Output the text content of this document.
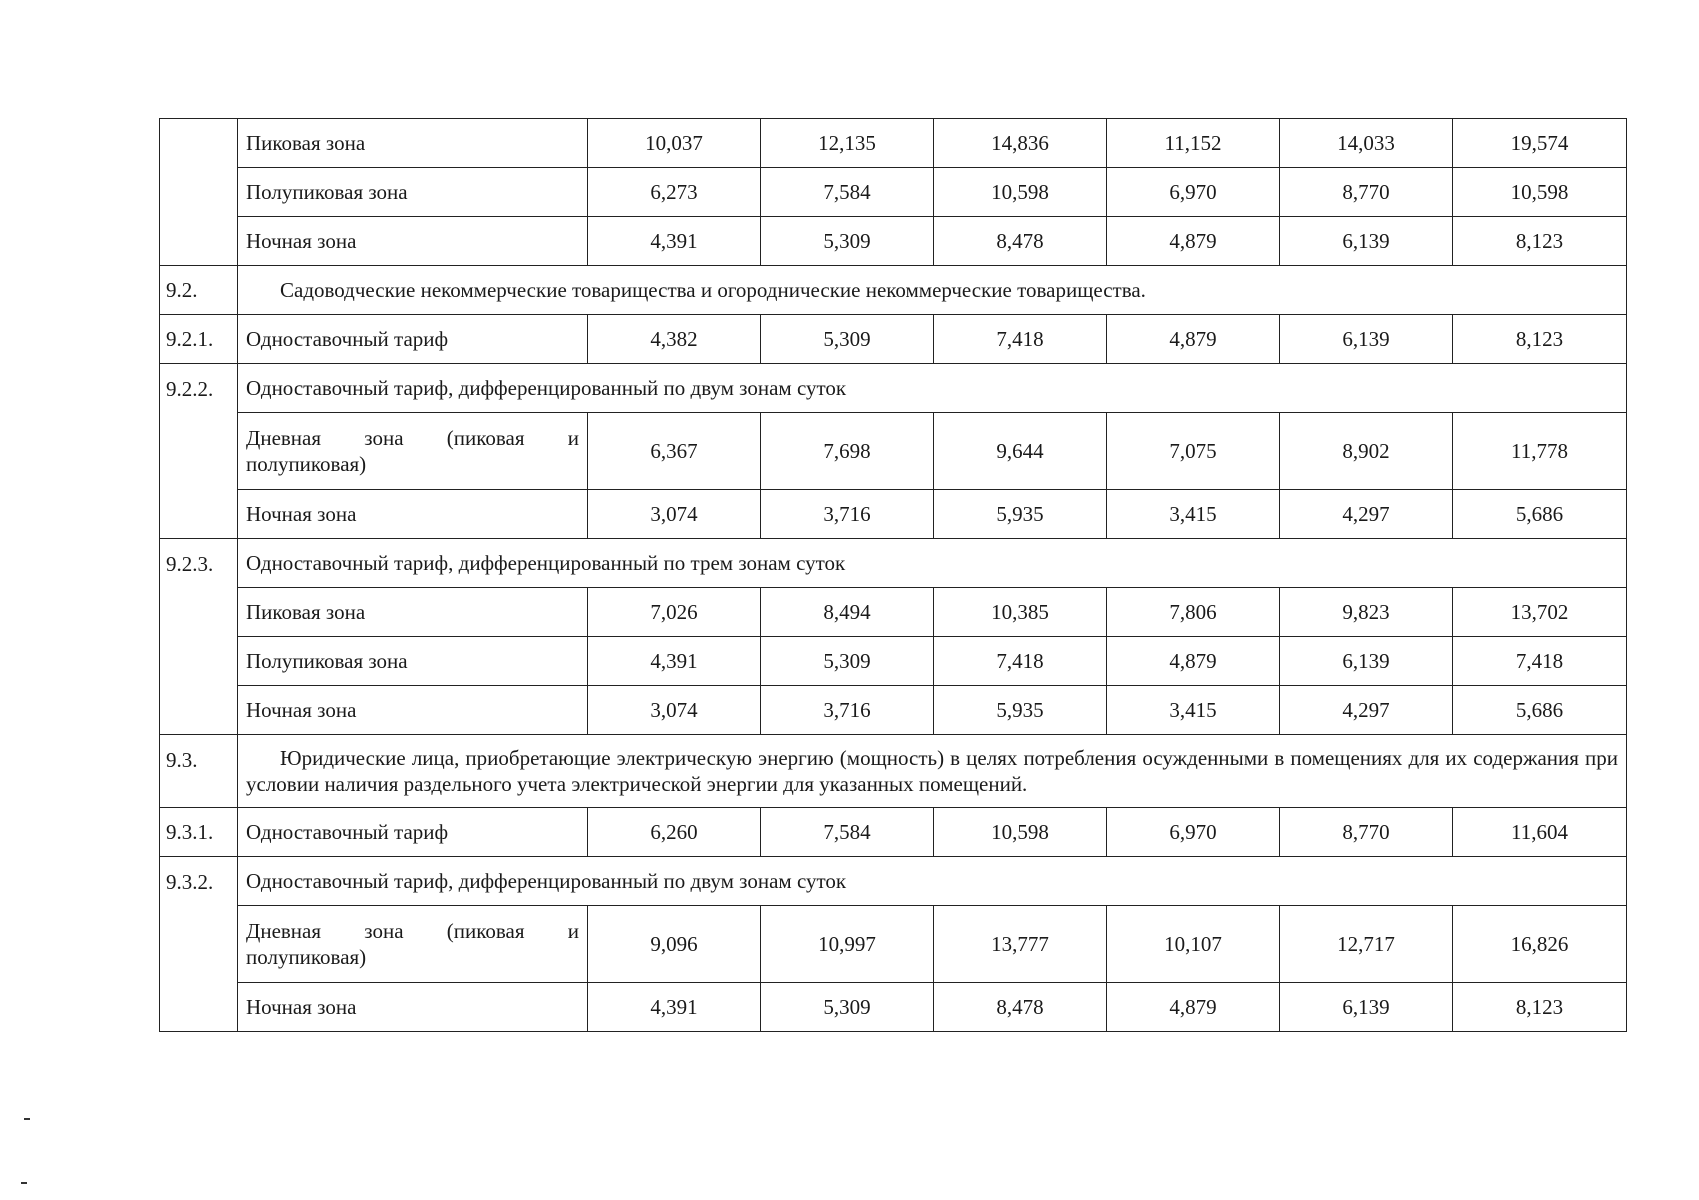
	Пиковая зона	10,037	12,135	14,836	11,152	14,033	19,574
	Полупиковая зона	6,273	7,584	10,598	6,970	8,770	10,598
	Ночная зона	4,391	5,309	8,478	4,879	6,139	8,123
9.2.	Садоводческие некоммерческие товарищества и огороднические некоммерческие товарищества.						
9.2.1.	Одноставочный тариф	4,382	5,309	7,418	4,879	6,139	8,123
9.2.2.	Одноставочный тариф, дифференцированный по двум зонам суток						
	Дневная зона (пиковая и полупиковая)	6,367	7,698	9,644	7,075	8,902	11,778
	Ночная зона	3,074	3,716	5,935	3,415	4,297	5,686
9.2.3.	Одноставочный тариф, дифференцированный по трем зонам суток						
	Пиковая зона	7,026	8,494	10,385	7,806	9,823	13,702
	Полупиковая зона	4,391	5,309	7,418	4,879	6,139	7,418
	Ночная зона	3,074	3,716	5,935	3,415	4,297	5,686
9.3.	Юридические лица, приобретающие электрическую энергию (мощность) в целях потребления осужденными в помещениях для их содержания при условии наличия раздельного учета электрической энергии для указанных помещений.						
9.3.1.	Одноставочный тариф	6,260	7,584	10,598	6,970	8,770	11,604
9.3.2.	Одноставочный тариф, дифференцированный по двум зонам суток						
	Дневная зона (пиковая и полупиковая)	9,096	10,997	13,777	10,107	12,717	16,826
	Ночная зона	4,391	5,309	8,478	4,879	6,139	8,123
